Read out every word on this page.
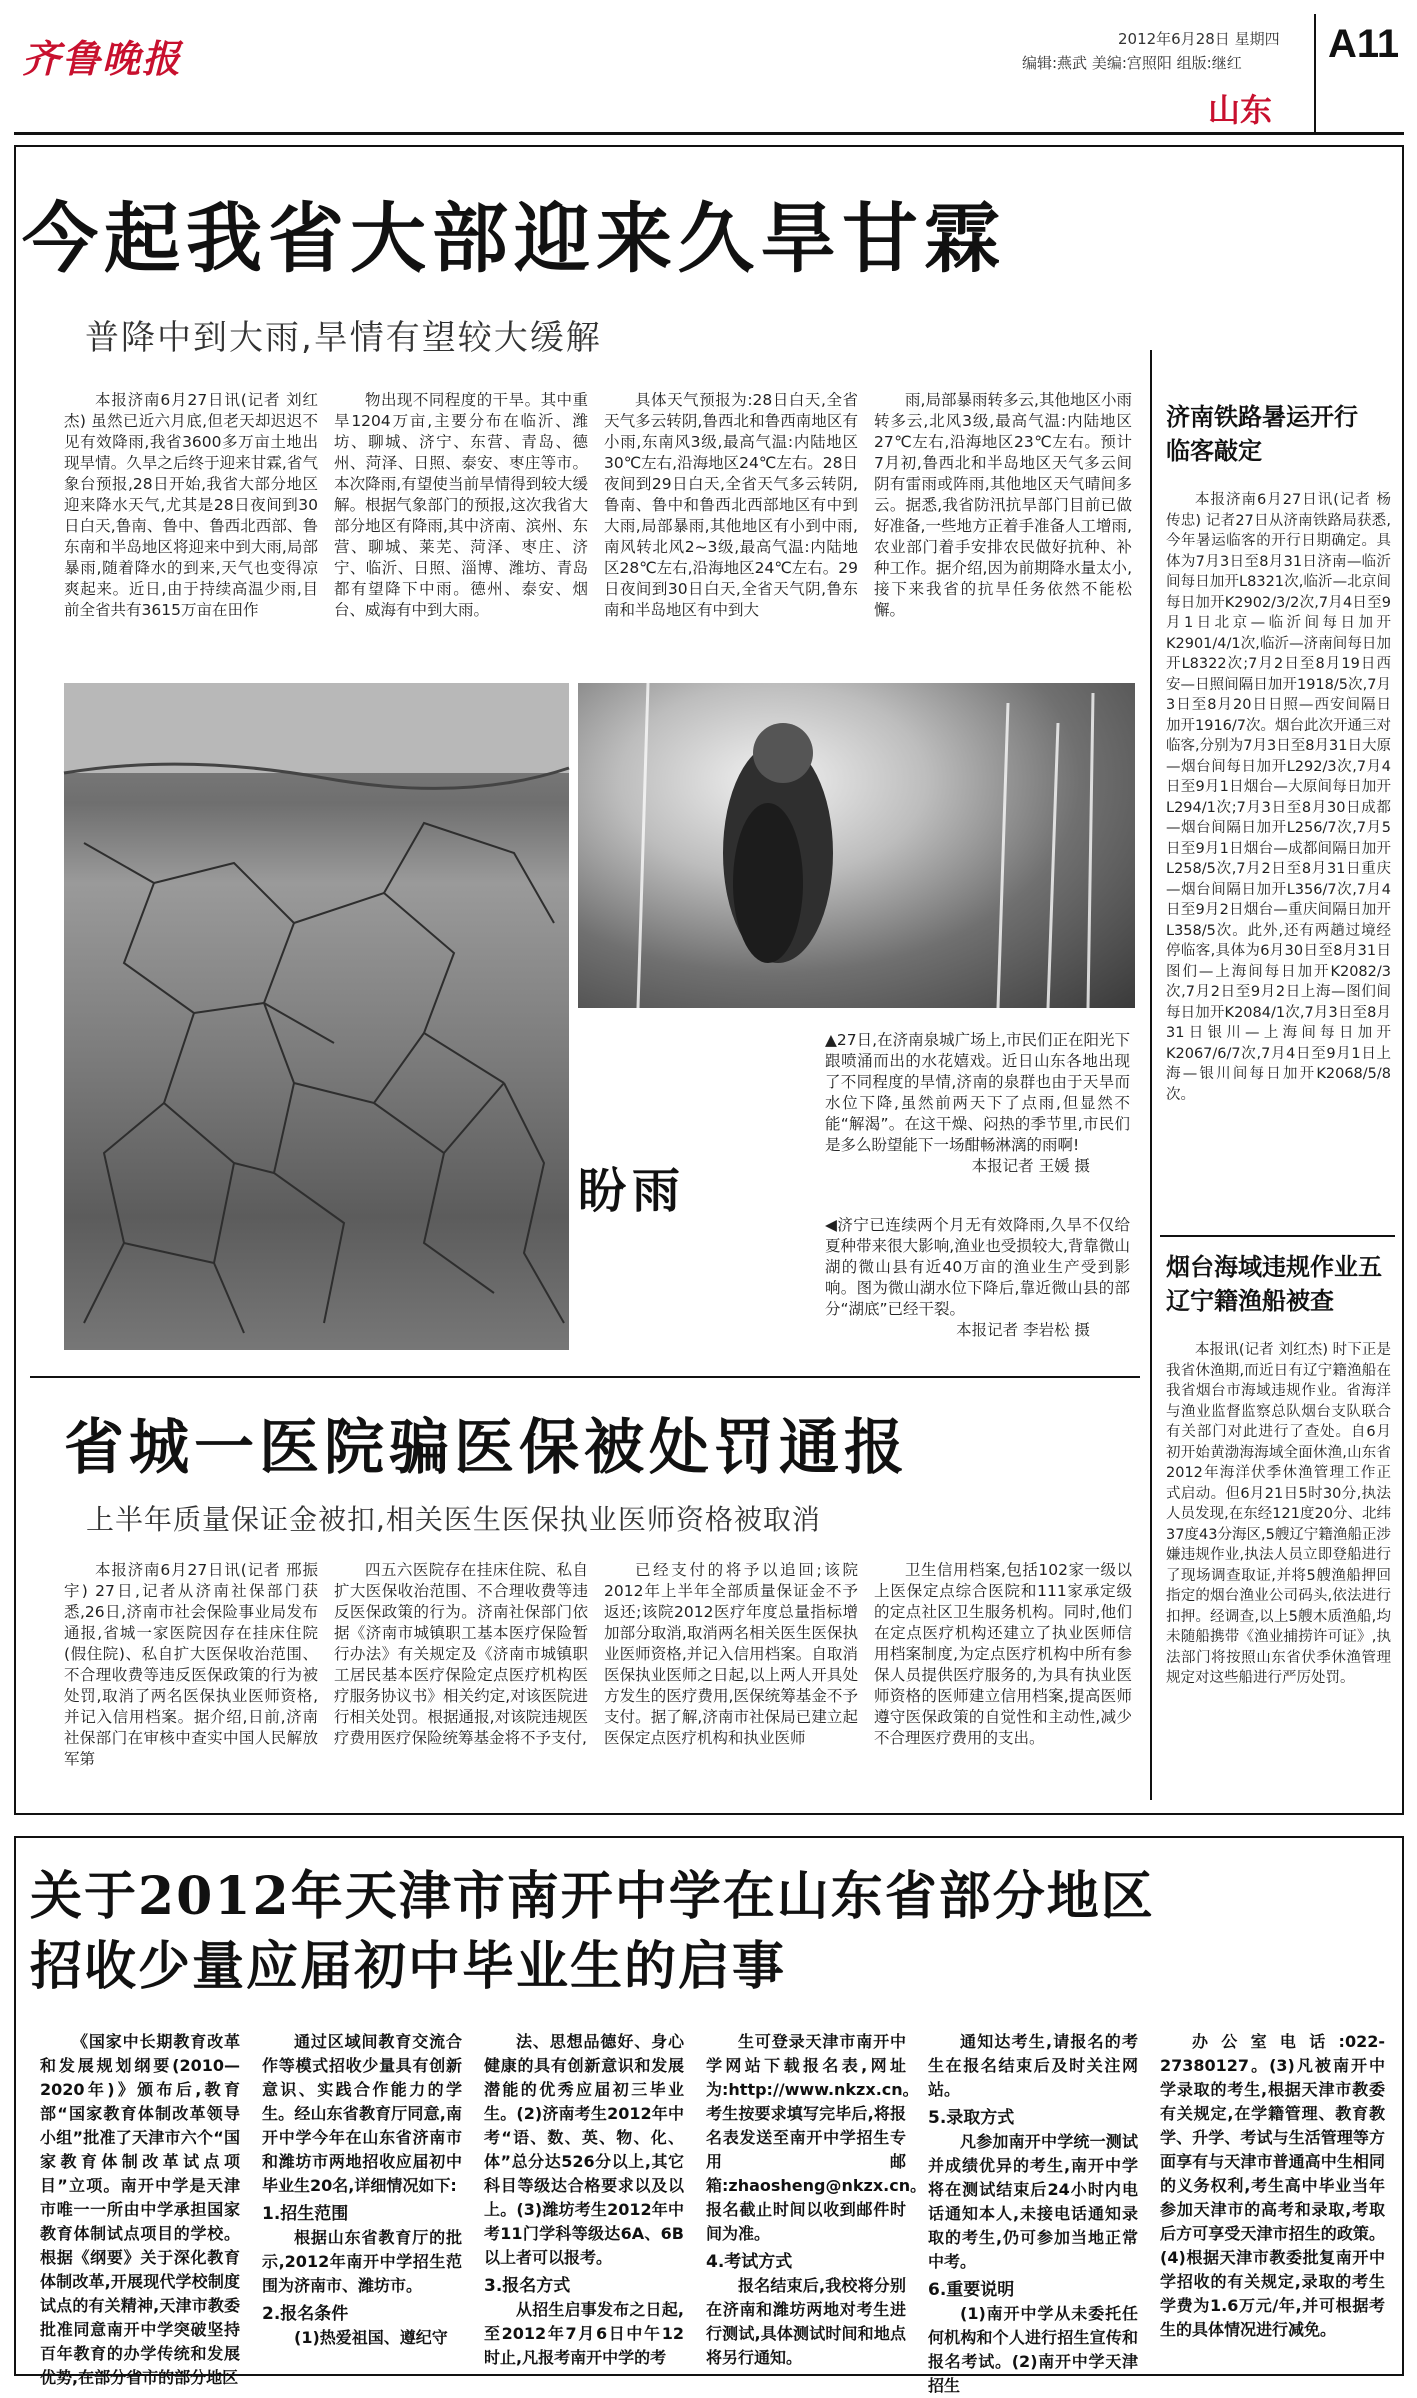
齐鲁晚报	2012年6月28日 星期四
编辑:燕武 美编:宫照阳 组版:继红 A11
山东
今起我省大部迎来久旱甘霖
普降中到大雨,旱情有望较大缓解

本报济南6月27日讯(记者 刘红杰) 虽然已近六月底,但老天却迟迟不见有效降雨,我省3600多万亩土地出现旱情。久旱之后终于迎来甘霖,省气象台预报,28日开始,我省大部分地区迎来降水天气,尤其是28日夜间到30日白天,鲁南、鲁中、鲁西北西部、鲁东南和半岛地区将迎来中到大雨,局部暴雨,随着降水的到来,天气也变得凉爽起来。近日,由于持续高温少雨,目前全省共有3615万亩在田作

物出现不同程度的干旱。其中重旱1204万亩,主要分布在临沂、潍坊、聊城、济宁、东营、青岛、德州、菏泽、日照、泰安、枣庄等市。本次降雨,有望使当前旱情得到较大缓解。根据气象部门的预报,这次我省大部分地区有降雨,其中济南、滨州、东营、聊城、莱芜、菏泽、枣庄、济宁、临沂、日照、淄博、潍坊、青岛都有望降下中雨。德州、泰安、烟台、威海有中到大雨。

具体天气预报为:28日白天,全省天气多云转阴,鲁西北和鲁西南地区有小雨,东南风3级,最高气温:内陆地区30℃左右,沿海地区24℃左右。28日夜间到29日白天,全省天气多云转阴,鲁南、鲁中和鲁西北西部地区有中到大雨,局部暴雨,其他地区有小到中雨,南风转北风2~3级,最高气温:内陆地区28℃左右,沿海地区24℃左右。29日夜间到30日白天,全省天气阴,鲁东南和半岛地区有中到大

雨,局部暴雨转多云,其他地区小雨转多云,北风3级,最高气温:内陆地区27℃左右,沿海地区23℃左右。预计7月初,鲁西北和半岛地区天气多云间阴有雷雨或阵雨,其他地区天气晴间多云。据悉,我省防汛抗旱部门目前已做好准备,一些地方正着手准备人工增雨,农业部门着手安排农民做好抗种、补种工作。据介绍,因为前期降水量太小,接下来我省的抗旱任务依然不能松懈。

盼雨
▲27日,在济南泉城广场上,市民们正在阳光下跟喷涌而出的水花嬉戏。近日山东各地出现了不同程度的旱情,济南的泉群也由于天旱而水位下降,虽然前两天下了点雨,但显然不能“解渴”。在这干燥、闷热的季节里,市民们是多么盼望能下一场酣畅淋漓的雨啊!
本报记者 王媛 摄
◀济宁已连续两个月无有效降雨,久旱不仅给夏种带来很大影响,渔业也受损较大,背靠微山湖的微山县有近40万亩的渔业生产受到影响。图为微山湖水位下降后,靠近微山县的部分“湖底”已经干裂。
本报记者 李岩松 摄
济南铁路暑运开行临客敲定

本报济南6月27日讯(记者 杨传忠) 记者27日从济南铁路局获悉,今年暑运临客的开行日期确定。具体为7月3日至8月31日济南—临沂间每日加开L8321次,临沂—北京间每日加开K2902/3/2次,7月4日至9月1日北京—临沂间每日加开K2901/4/1次,临沂—济南间每日加开L8322次;7月2日至8月19日西安—日照间隔日加开1918/5次,7月3日至8月20日日照—西安间隔日加开1916/7次。烟台此次开通三对临客,分别为7月3日至8月31日大原—烟台间每日加开L292/3次,7月4日至9月1日烟台—大原间每日加开L294/1次;7月3日至8月30日成都—烟台间隔日加开L256/7次,7月5日至9月1日烟台—成都间隔日加开L258/5次,7月2日至8月31日重庆—烟台间隔日加开L356/7次,7月4日至9月2日烟台—重庆间隔日加开L358/5次。此外,还有两趟过境经停临客,具体为6月30日至8月31日图们—上海间每日加开K2082/3次,7月2日至9月2日上海—图们间每日加开K2084/1次,7月3日至8月31日银川—上海间每日加开K2067/6/7次,7月4日至9月1日上海—银川间每日加开K2068/5/8次。

烟台海域违规作业五辽宁籍渔船被查

本报讯(记者 刘红杰) 时下正是我省休渔期,而近日有辽宁籍渔船在我省烟台市海域违规作业。省海洋与渔业监督监察总队烟台支队联合有关部门对此进行了查处。自6月初开始黄渤海海域全面休渔,山东省2012年海洋伏季休渔管理工作正式启动。但6月21日5时30分,执法人员发现,在东经121度20分、北纬37度43分海区,5艘辽宁籍渔船正涉嫌违规作业,执法人员立即登船进行了现场调查取证,并将5艘渔船押回指定的烟台渔业公司码头,依法进行扣押。经调查,以上5艘木质渔船,均未随船携带《渔业捕捞许可证》,执法部门将按照山东省伏季休渔管理规定对这些船进行严厉处罚。

省城一医院骗医保被处罚通报
上半年质量保证金被扣,相关医生医保执业医师资格被取消

本报济南6月27日讯(记者 邢振宇) 27日,记者从济南社保部门获悉,26日,济南市社会保险事业局发布通报,省城一家医院因存在挂床住院(假住院)、私自扩大医保收治范围、不合理收费等违反医保政策的行为被处罚,取消了两名医保执业医师资格,并记入信用档案。据介绍,日前,济南社保部门在审核中查实中国人民解放军第

四五六医院存在挂床住院、私自扩大医保收治范围、不合理收费等违反医保政策的行为。济南社保部门依据《济南市城镇职工基本医疗保险暂行办法》有关规定及《济南市城镇职工居民基本医疗保险定点医疗机构医疗服务协议书》相关约定,对该医院进行相关处罚。根据通报,对该院违规医疗费用医疗保险统筹基金将不予支付,

已经支付的将予以追回;该院2012年上半年全部质量保证金不予返还;该院2012医疗年度总量指标增加部分取消,取消两名相关医生医保执业医师资格,并记入信用档案。自取消医保执业医师之日起,以上两人开具处方发生的医疗费用,医保统筹基金不予支付。据了解,济南市社保局已建立起医保定点医疗机构和执业医师

卫生信用档案,包括102家一级以上医保定点综合医院和111家承定级的定点社区卫生服务机构。同时,他们在定点医疗机构还建立了执业医师信用档案制度,为定点医疗机构中所有参保人员提供医疗服务的,为具有执业医师资格的医师建立信用档案,提高医师遵守医保政策的自觉性和主动性,减少不合理医疗费用的支出。

关于2012年天津市南开中学在山东省部分地区
招收少量应届初中毕业生的启事

《国家中长期教育改革和发展规划纲要(2010—2020年)》颁布后,教育部“国家教育体制改革领导小组”批准了天津市六个“国家教育体制改革试点项目”立项。南开中学是天津市唯一一所由中学承担国家教育体制试点项目的学校。根据《纲要》关于深化教育体制改革,开展现代学校制度试点的有关精神,天津市教委批准同意南开中学突破坚持百年教育的办学传统和发展优势,在部分省市的部分地区

通过区域间教育交流合作等模式招收少量具有创新意识、实践合作能力的学生。经山东省教育厅同意,南开中学今年在山东省济南市和潍坊市两地招收应届初中毕业生20名,详细情况如下:

1.招生范围

根据山东省教育厅的批示,2012年南开中学招生范围为济南市、潍坊市。

2.报名条件

(1)热爱祖国、遵纪守

法、思想品德好、身心健康的具有创新意识和发展潜能的优秀应届初三毕业生。(2)济南考生2012年中考“语、数、英、物、化、体”总分达526分以上,其它科目等级达合格要求以及以上。(3)潍坊考生2012年中考11门学科等级达6A、6B以上者可以报考。

3.报名方式

从招生启事发布之日起,至2012年7月6日中午12时止,凡报考南开中学的考

生可登录天津市南开中学网站下载报名表,网址为:http://www.nkzx.cn。考生按要求填写完毕后,将报名表发送至南开中学招生专用邮箱:zhaosheng@nkzx.cn。报名截止时间以收到邮件时间为准。

4.考试方式

报名结束后,我校将分别在济南和潍坊两地对考生进行测试,具体测试时间和地点将另行通知。

通知达考生,请报名的考生在报名结束后及时关注网站。

5.录取方式

凡参加南开中学统一测试并成绩优异的考生,南开中学将在测试结束后24小时内电话通知本人,未接电话通知录取的考生,仍可参加当地正常中考。

6.重要说明

(1)南开中学从未委托任何机构和个人进行招生宣传和报名考试。(2)南开中学天津招生

办公室电话:022-27380127。(3)凡被南开中学录取的考生,根据天津市教委有关规定,在学籍管理、教育教学、升学、考试与生活管理等方面享有与天津市普通高中生相同的义务权利,考生高中毕业当年参加天津市的高考和录取,考取后方可享受天津市招生的政策。(4)根据天津市教委批复南开中学招收的有关规定,录取的考生学费为1.6万元/年,并可根据考生的具体情况进行减免。
